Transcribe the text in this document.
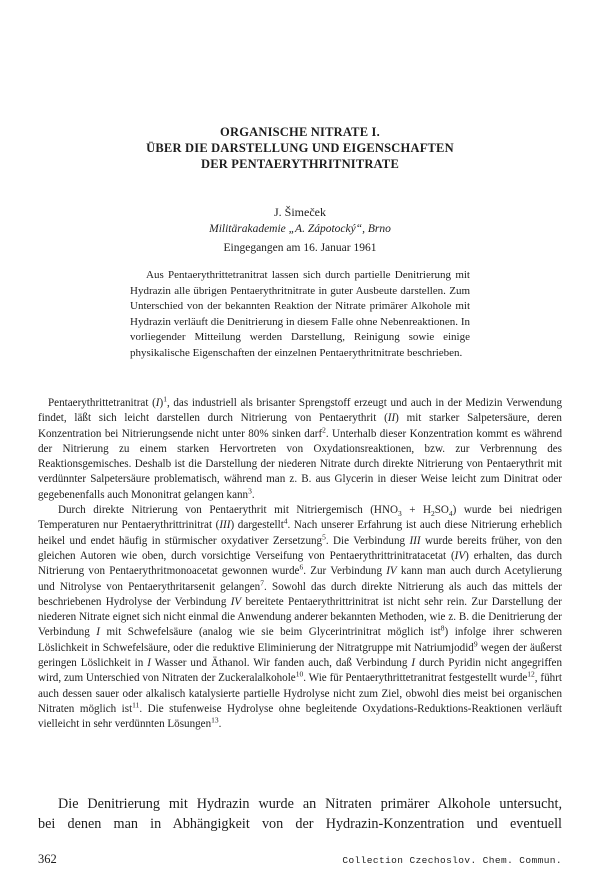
ORGANISCHE NITRATE I.
ÜBER DIE DARSTELLUNG UND EIGENSCHAFTEN
DER PENTAERYTHRITNITRATE
J. Šimeček
Militärakademie „A. Zápotocký“, Brno
Eingegangen am 16. Januar 1961
Aus Pentaerythrittetranitrat lassen sich durch partielle Denitrierung mit Hydrazin alle übrigen Pentaerythritnitrate in guter Ausbeute darstellen. Zum Unterschied von der bekannten Reaktion der Nitrate primärer Alkohole mit Hydrazin verläuft die Denitrierung in diesem Falle ohne Nebenreaktionen. In vorliegender Mitteilung werden Darstellung, Reinigung sowie einige physikalische Eigenschaften der einzelnen Pentaerythritnitrate beschrieben.

Pentaerythrittetranitrat $(I)^1$, das industriell als brisanter Sprengstoff erzeugt und auch in der Medizin Verwendung findet, läßt sich leicht darstellen durch Nitrierung von Pentaerythrit (II) mit starker Salpetersäure, deren Konzentration bei Nitrierungsende nicht unter 80% sinken darf$^2$. Unterhalb dieser Konzentration kommt es während der Nitrierung zu einem starken Hervortreten von Oxydationsreaktionen, bzw. zur Verbrennung des Reaktionsgemisches. Deshalb ist die Darstellung der niederen Nitrate durch direkte Nitrierung von Pentaerythrit mit verdünnter Salpetersäure problematisch, während man z. B. aus Glycerin in dieser Weise leicht zum Dinitrat oder gegebenenfalls auch Mononitrat gelangen kann$^3$.

Durch direkte Nitrierung von Pentaerythrit mit Nitriergemisch $(HNO_3 + H_2SO_4)$ wurde bei niedrigen Temperaturen nur Pentaerythrittrinitrat (III) dargestellt$^4$. Nach unserer Erfahrung ist auch diese Nitrierung erheblich heikel und endet häufig in stürmischer oxydativer Zersetzung$^5$. Die Verbindung III wurde bereits früher, von den gleichen Autoren wie oben, durch vorsichtige Verseifung von Pentaerythrittrinitratacetat (IV) erhalten, das durch Nitrierung von Pentaerythritmonoacetat gewonnen wurde$^6$. Zur Verbindung IV kann man auch durch Acetylierung und Nitrolyse von Pentaerythritarsenit gelangen$^7$. Sowohl das durch direkte Nitrierung als auch das mittels der beschriebenen Hydrolyse der Verbindung IV bereitete Pentaerythrittrinitrat ist nicht sehr rein. Zur Darstellung der niederen Nitrate eignet sich nicht einmal die Anwendung anderer bekannten Methoden, wie z. B. die Denitrierung der Verbindung I mit Schwefelsäure (analog wie sie beim Glycerintrinitrat möglich ist$^8$) infolge ihrer schweren Löslichkeit in Schwefelsäure, oder die reduktive Eliminierung der Nitratgruppe mit Natriumjodid$^9$ wegen der äußerst geringen Löslichkeit in I Wasser und Äthanol. Wir fanden auch, daß Verbindung I durch Pyridin nicht angegriffen wird, zum Unterschied von Nitraten der Zuckeralalkohole$^{10}$. Wie für Pentaerythrittetranitrat festgestellt wurde$^{12}$, führt auch dessen sauer oder alkalisch katalysierte partielle Hydrolyse nicht zum Ziel, obwohl dies meist bei organischen Nitraten möglich ist$^{11}$. Die stufenweise Hydrolyse ohne begleitende Oxydations-Reduktions-Reaktionen verläuft vielleicht in sehr verdünnten Lösungen$^{13}$.

Die Denitrierung mit Hydrazin wurde an Nitraten primärer Alkohole untersucht,

bei denen man in Abhängigkeit von der Hydrazin-Konzentration und eventuell

362	Collection Czechoslov. Chem. Commun.
